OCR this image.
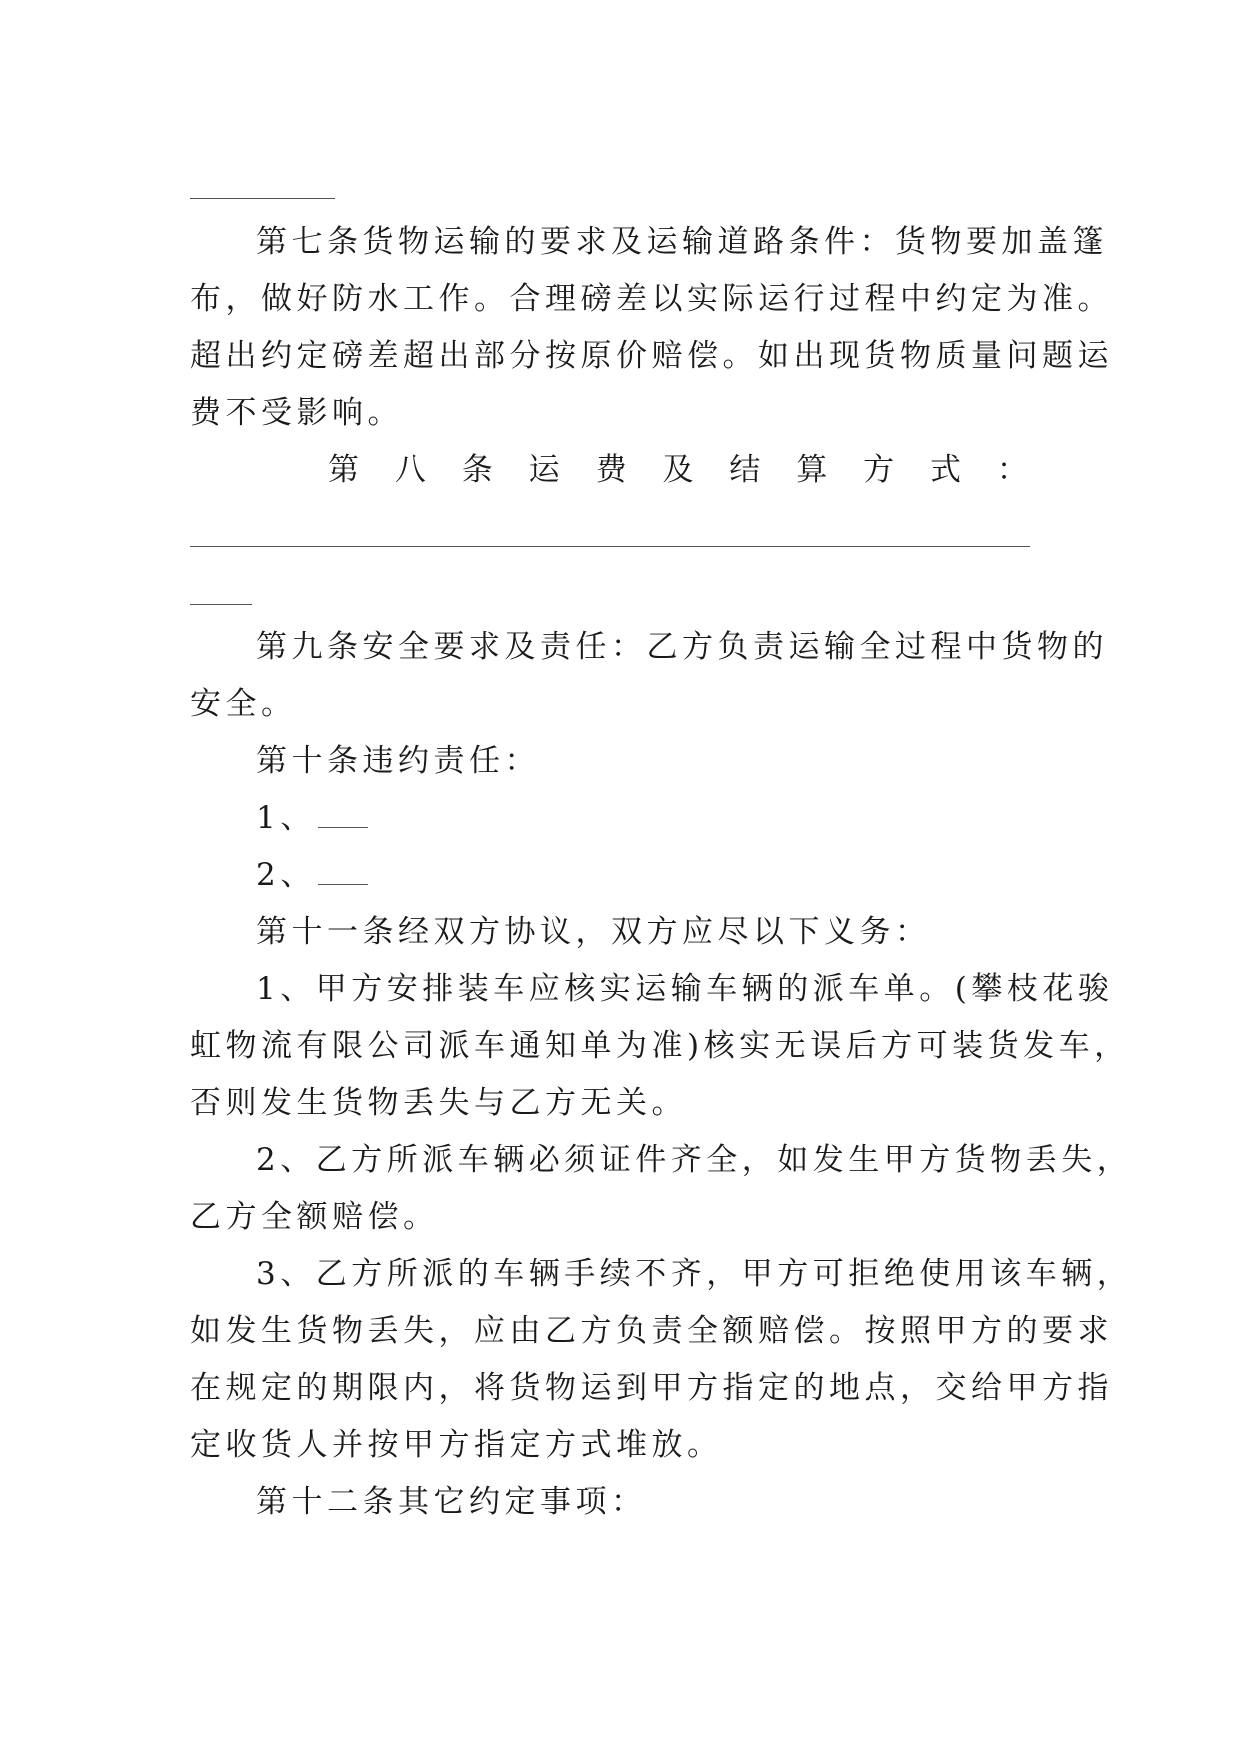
第七条货物运输的要求及运输道路条件：货物要加盖篷
布，做好防水工作。合理磅差以实际运行过程中约定为准。
超出约定磅差超出部分按原价赔偿。如出现货物质量问题运
费不受影响。
第 八 条 运 费 及 结 算 方 式 ：
第九条安全要求及责任：乙方负责运输全过程中货物的
安全。
第十条违约责任：
1、
2、
第十一条经双方协议，双方应尽以下义务：
1、甲方安排装车应核实运输车辆的派车单。(攀枝花骏
虹物流有限公司派车通知单为准)核实无误后方可装货发车，
否则发生货物丢失与乙方无关。
2、乙方所派车辆必须证件齐全，如发生甲方货物丢失，
乙方全额赔偿。
3、乙方所派的车辆手续不齐，甲方可拒绝使用该车辆，
如发生货物丢失，应由乙方负责全额赔偿。按照甲方的要求
在规定的期限内，将货物运到甲方指定的地点，交给甲方指
定收货人并按甲方指定方式堆放。
第十二条其它约定事项：
